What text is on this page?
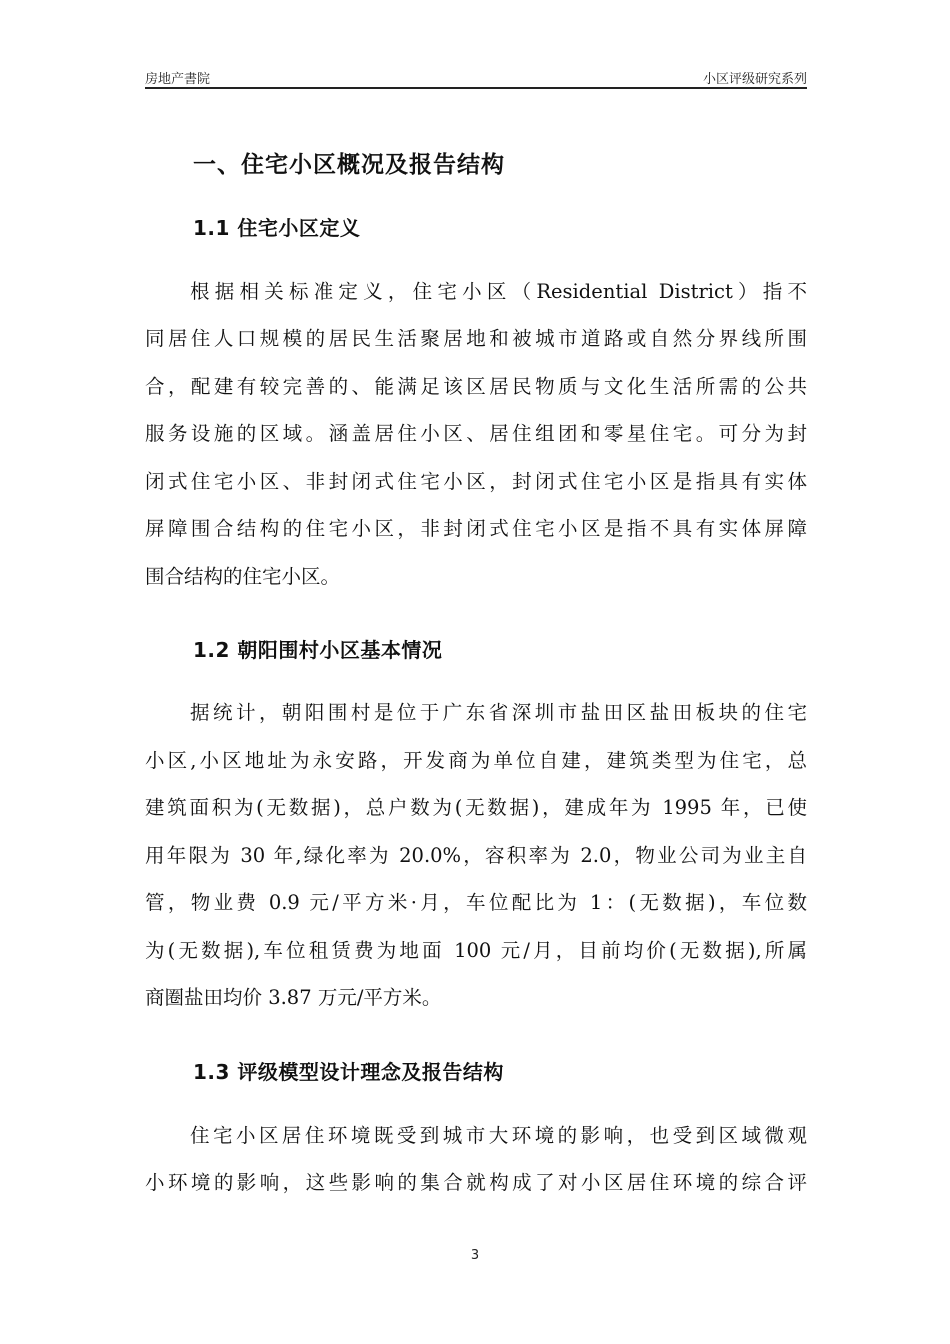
房地产書院	小区评级研究系列
一、住宅小区概况及报告结构
1.1 住宅小区定义
根据相关标准定义，住宅小区（Residential District）指不
同居住人口规模的居民生活聚居地和被城市道路或自然分界线所围
合，配建有较完善的、能满足该区居民物质与文化生活所需的公共
服务设施的区域。涵盖居住小区、居住组团和零星住宅。可分为封
闭式住宅小区、非封闭式住宅小区，封闭式住宅小区是指具有实体
屏障围合结构的住宅小区，非封闭式住宅小区是指不具有实体屏障
围合结构的住宅小区。
1.2 朝阳围村小区基本情况
据统计，朝阳围村是位于广东省深圳市盐田区盐田板块的住宅
小区,小区地址为永安路，开发商为单位自建，建筑类型为住宅，总
建筑面积为(无数据)，总户数为(无数据)，建成年为 1995 年，已使
用年限为 30 年,绿化率为 20.0%，容积率为 2.0，物业公司为业主自
管，物业费 0.9 元/平方米·月，车位配比为 1：(无数据)，车位数
为(无数据),车位租赁费为地面 100 元/月，目前均价(无数据),所属
商圈盐田均价 3.87 万元/平方米。
1.3 评级模型设计理念及报告结构
住宅小区居住环境既受到城市大环境的影响，也受到区域微观
小环境的影响，这些影响的集合就构成了对小区居住环境的综合评
3
